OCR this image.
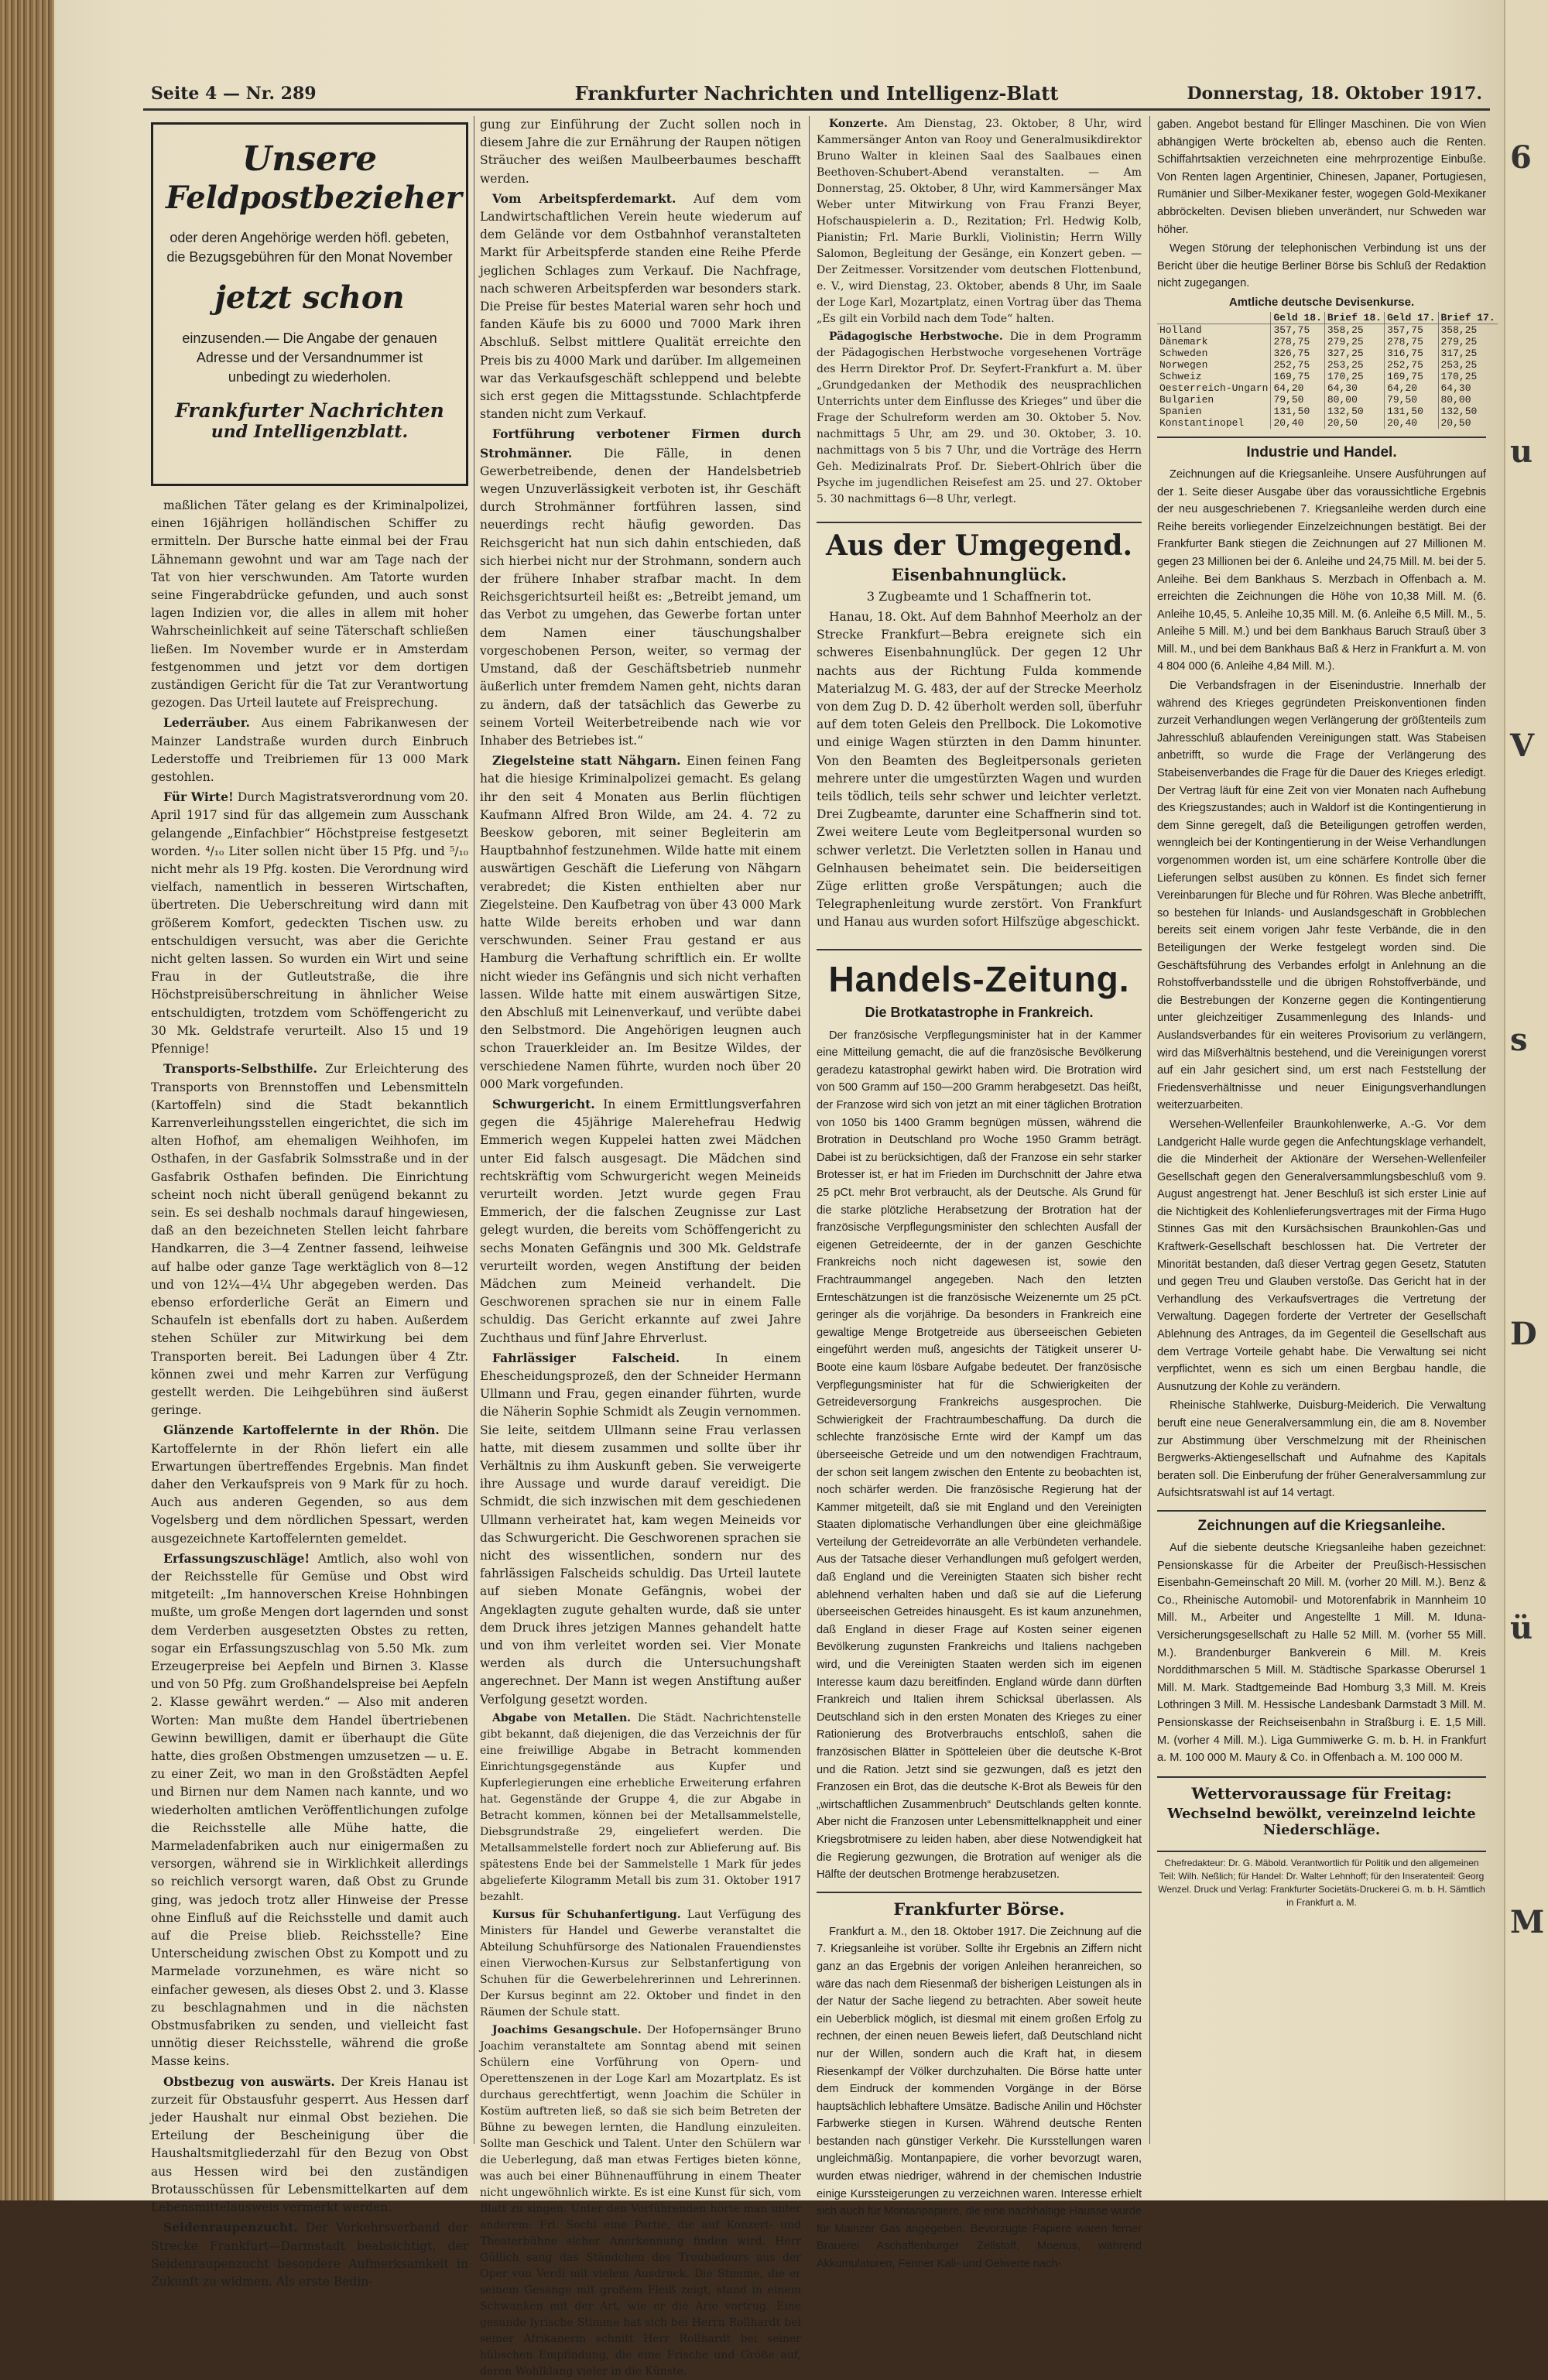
Seite 4 — Nr. 289	Frankfurter Nachrichten und Intelligenz-Blatt	Donnerstag, 18. Oktober 1917.
Unsere
Feldpostbezieher
oder deren Angehörige werden höfl. gebeten, die Bezugsgebühren für den Monat November
jetzt schon
einzusenden.— Die Angabe der genauen Adresse und der Versandnummer ist unbedingt zu wiederholen.
Frankfurter Nachrichten
und Intelligenzblatt.

maßlichen Täter gelang es der Kriminalpolizei, einen 16jährigen holländischen Schiffer zu ermitteln. Der Bursche hatte einmal bei der Frau Lähnemann gewohnt und war am Tage nach der Tat von hier verschwunden. Am Tatorte wurden seine Fingerabdrücke gefunden, und auch sonst lagen Indizien vor, die alles in allem mit hoher Wahrscheinlichkeit auf seine Täterschaft schließen ließen. Im November wurde er in Amsterdam festgenommen und jetzt vor dem dortigen zuständigen Gericht für die Tat zur Verantwortung gezogen. Das Urteil lautete auf Freisprechung.

Lederräuber. Aus einem Fabrikanwesen der Mainzer Landstraße wurden durch Einbruch Lederstoffe und Treibriemen für 13 000 Mark gestohlen.

Für Wirte! Durch Magistratsverordnung vom 20. April 1917 sind für das allgemein zum Ausschank gelangende „Einfachbier“ Höchstpreise festgesetzt worden. ⁴/₁₀ Liter sollen nicht über 15 Pfg. und ⁵/₁₀ nicht mehr als 19 Pfg. kosten. Die Verordnung wird vielfach, namentlich in besseren Wirtschaften, übertreten. Die Ueberschreitung wird dann mit größerem Komfort, gedeckten Tischen usw. zu entschuldigen versucht, was aber die Gerichte nicht gelten lassen. So wurden ein Wirt und seine Frau in der Gutleutstraße, die ihre Höchstpreisüberschreitung in ähnlicher Weise entschuldigten, trotzdem vom Schöffengericht zu 30 Mk. Geldstrafe verurteilt. Also 15 und 19 Pfennige!

Transports-Selbsthilfe. Zur Erleichterung des Transports von Brennstoffen und Lebensmitteln (Kartoffeln) sind die Stadt bekanntlich Karrenverleihungsstellen eingerichtet, die sich im alten Hofhof, am ehemaligen Weihhofen, im Osthafen, in der Gasfabrik Solmsstraße und in der Gasfabrik Osthafen befinden. Die Einrichtung scheint noch nicht überall genügend bekannt zu sein. Es sei deshalb nochmals darauf hingewiesen, daß an den bezeichneten Stellen leicht fahrbare Handkarren, die 3—4 Zentner fassend, leihweise auf halbe oder ganze Tage werktäglich von 8—12 und von 12¼—4¼ Uhr abgegeben werden. Das ebenso erforderliche Gerät an Eimern und Schaufeln ist ebenfalls dort zu haben. Außerdem stehen Schüler zur Mitwirkung bei dem Transporten bereit. Bei Ladungen über 4 Ztr. können zwei und mehr Karren zur Verfügung gestellt werden. Die Leihgebühren sind äußerst geringe.

Glänzende Kartoffelernte in der Rhön. Die Kartoffelernte in der Rhön liefert ein alle Erwartungen übertreffendes Ergebnis. Man findet daher den Verkaufspreis von 9 Mark für zu hoch. Auch aus anderen Gegenden, so aus dem Vogelsberg und dem nördlichen Spessart, werden ausgezeichnete Kartoffelernten gemeldet.

Erfassungszuschläge! Amtlich, also wohl von der Reichsstelle für Gemüse und Obst wird mitgeteilt: „Im hannoverschen Kreise Hohnbingen mußte, um große Mengen dort lagernden und sonst dem Verderben ausgesetzten Obstes zu retten, sogar ein Erfassungszuschlag von 5.50 Mk. zum Erzeugerpreise bei Aepfeln und Birnen 3. Klasse und von 50 Pfg. zum Großhandelspreise bei Aepfeln 2. Klasse gewährt werden.“ — Also mit anderen Worten: Man mußte dem Handel übertriebenen Gewinn bewilligen, damit er überhaupt die Güte hatte, dies großen Obstmengen umzusetzen — u. E. zu einer Zeit, wo man in den Großstädten Aepfel und Birnen nur dem Namen nach kannte, und wo wiederholten amtlichen Veröffentlichungen zufolge die Reichsstelle alle Mühe hatte, die Marmeladenfabriken auch nur einigermaßen zu versorgen, während sie in Wirklichkeit allerdings so reichlich versorgt waren, daß Obst zu Grunde ging, was jedoch trotz aller Hinweise der Presse ohne Einfluß auf die Reichsstelle und damit auch auf die Preise blieb. Reichsstelle? Eine Unterscheidung zwischen Obst zu Kompott und zu Marmelade vorzunehmen, es wäre nicht so einfacher gewesen, als dieses Obst 2. und 3. Klasse zu beschlagnahmen und in die nächsten Obstmusfabriken zu senden, und vielleicht fast unnötig dieser Reichsstelle, während die große Masse keins.

Obstbezug von auswärts. Der Kreis Hanau ist zurzeit für Obstausfuhr gesperrt. Aus Hessen darf jeder Haushalt nur einmal Obst beziehen. Die Erteilung der Bescheinigung über die Haushaltsmitgliederzahl für den Bezug von Obst aus Hessen wird bei den zuständigen Brotausschüssen für Lebensmittelkarten auf dem Lebensmittelausweis vermerkt werden.

Seidenraupenzucht. Der Verkehrsverband der Strecke Frankfurt—Darmstadt beabsichtigt, der Seidenraupenzucht besondere Aufmerksamkeit in Zukunft zu widmen. Als erste Bedin-

gung zur Einführung der Zucht sollen noch in diesem Jahre die zur Ernährung der Raupen nötigen Sträucher des weißen Maulbeerbaumes beschafft werden.

Vom Arbeitspferdemarkt. Auf dem vom Landwirtschaftlichen Verein heute wiederum auf dem Gelände vor dem Ostbahnhof veranstalteten Markt für Arbeitspferde standen eine Reihe Pferde jeglichen Schlages zum Verkauf. Die Nachfrage, nach schweren Arbeitspferden war besonders stark. Die Preise für bestes Material waren sehr hoch und fanden Käufe bis zu 6000 und 7000 Mark ihren Abschluß. Selbst mittlere Qualität erreichte den Preis bis zu 4000 Mark und darüber. Im allgemeinen war das Verkaufsgeschäft schleppend und belebte sich erst gegen die Mittagsstunde. Schlachtpferde standen nicht zum Verkauf.

Fortführung verbotener Firmen durch Strohmänner. Die Fälle, in denen Gewerbetreibende, denen der Handelsbetrieb wegen Unzuverlässigkeit verboten ist, ihr Geschäft durch Strohmänner fortführen lassen, sind neuerdings recht häufig geworden. Das Reichsgericht hat nun sich dahin entschieden, daß sich hierbei nicht nur der Strohmann, sondern auch der frühere Inhaber strafbar macht. In dem Reichsgerichtsurteil heißt es: „Betreibt jemand, um das Verbot zu umgehen, das Gewerbe fortan unter dem Namen einer täuschungshalber vorgeschobenen Person, weiter, so vermag der Umstand, daß der Geschäftsbetrieb nunmehr äußerlich unter fremdem Namen geht, nichts daran zu ändern, daß der tatsächlich das Gewerbe zu seinem Vorteil Weiterbetreibende nach wie vor Inhaber des Betriebes ist.“

Ziegelsteine statt Nähgarn. Einen feinen Fang hat die hiesige Kriminalpolizei gemacht. Es gelang ihr den seit 4 Monaten aus Berlin flüchtigen Kaufmann Alfred Bron Wilde, am 24. 4. 72 zu Beeskow geboren, mit seiner Begleiterin am Hauptbahnhof festzunehmen. Wilde hatte mit einem auswärtigen Geschäft die Lieferung von Nähgarn verabredet; die Kisten enthielten aber nur Ziegelsteine. Den Kaufbetrag von über 43 000 Mark hatte Wilde bereits erhoben und war dann verschwunden. Seiner Frau gestand er aus Hamburg die Verhaftung schriftlich ein. Er wollte nicht wieder ins Gefängnis und sich nicht verhaften lassen. Wilde hatte mit einem auswärtigen Sitze, den Abschluß mit Leinenverkauf, und verübte dabei den Selbstmord. Die Angehörigen leugnen auch schon Trauerkleider an. Im Besitze Wildes, der verschiedene Namen führte, wurden noch über 20 000 Mark vorgefunden.

Schwurgericht. In einem Ermittlungsverfahren gegen die 45jährige Malerehefrau Hedwig Emmerich wegen Kuppelei hatten zwei Mädchen unter Eid falsch ausgesagt. Die Mädchen sind rechtskräftig vom Schwurgericht wegen Meineids verurteilt worden. Jetzt wurde gegen Frau Emmerich, der die falschen Zeugnisse zur Last gelegt wurden, die bereits vom Schöffengericht zu sechs Monaten Gefängnis und 300 Mk. Geldstrafe verurteilt worden, wegen Anstiftung der beiden Mädchen zum Meineid verhandelt. Die Geschworenen sprachen sie nur in einem Falle schuldig. Das Gericht erkannte auf zwei Jahre Zuchthaus und fünf Jahre Ehrverlust.

Fahrlässiger Falscheid. In einem Ehescheidungsprozeß, den der Schneider Hermann Ullmann und Frau, gegen einander führten, wurde die Näherin Sophie Schmidt als Zeugin vernommen. Sie leite, seitdem Ullmann seine Frau verlassen hatte, mit diesem zusammen und sollte über ihr Verhältnis zu ihm Auskunft geben. Sie verweigerte ihre Aussage und wurde darauf vereidigt. Die Schmidt, die sich inzwischen mit dem geschiedenen Ullmann verheiratet hat, kam wegen Meineids vor das Schwurgericht. Die Geschworenen sprachen sie nicht des wissentlichen, sondern nur des fahrlässigen Falscheids schuldig. Das Urteil lautete auf sieben Monate Gefängnis, wobei der Angeklagten zugute gehalten wurde, daß sie unter dem Druck ihres jetzigen Mannes gehandelt hatte und von ihm verleitet worden sei. Vier Monate werden als durch die Untersuchungshaft angerechnet. Der Mann ist wegen Anstiftung außer Verfolgung gesetzt worden.

Abgabe von Metallen. Die Städt. Nachrichtenstelle gibt bekannt, daß diejenigen, die das Verzeichnis der für eine freiwillige Abgabe in Betracht kommenden Einrichtungsgegenstände aus Kupfer und Kupferlegierungen eine erhebliche Erweiterung erfahren hat. Gegenstände der Gruppe 4, die zur Abgabe in Betracht kommen, können bei der Metallsammelstelle, Diebsgrundstraße 29, eingeliefert werden. Die Metallsammelstelle fordert noch zur Ablieferung auf. Bis spätestens Ende bei der Sammelstelle 1 Mark für jedes abgelieferte Kilogramm Metall bis zum 31. Oktober 1917 bezahlt.

Kursus für Schuhanfertigung. Laut Verfügung des Ministers für Handel und Gewerbe veranstaltet die Abteilung Schuhfürsorge des Nationalen Frauendienstes einen Vierwochen-Kursus zur Selbstanfertigung von Schuhen für die Gewerbelehrerinnen und Lehrerinnen. Der Kursus beginnt am 22. Oktober und findet in den Räumen der Schule statt.

Joachims Gesangschule. Der Hofopernsänger Bruno Joachim veranstaltete am Sonntag abend mit seinen Schülern eine Vorführung von Opern- und Operettenszenen in der Loge Karl am Mozartplatz. Es ist durchaus gerechtfertigt, wenn Joachim die Schüler in Kostüm auftreten ließ, so daß sie sich beim Betreten der Bühne zu bewegen lernten, die Handlung einzuleiten. Sollte man Geschick und Talent. Unter den Schülern war die Ueberlegung, daß man etwas Fertiges bieten könne, was auch bei einer Bühnenaufführung in einem Theater nicht ungewöhnlich wirkte. Es ist eine Kunst für sich, vom Blatt zu singen. Unter den Vorführenden hörte man unter anderem: Frl. Sochi eine Partie, die auf Konzert- und Theaterbühne sicher Anerkennung finden wird. Herr Güllich sang das Ständchen des Troubadours aus der Oper von Verdi mit vielem Ausdruck. Die Stimme, die er seinem Gesange mit großem Fleiß zeigt, stand in einem Schwanken mit der Art, wie er die Arie vortrug. Eine gesunde lyrische Stimme hat sich bei Herrn Rollhardt bei seiner Afrikanerin schnitt Herr Rollhardt bei seiner hübschen Empfindung, die eine Frische und Größe auf, deren Wohlklang vieler in die Künste.

Konzerte. Am Dienstag, 23. Oktober, 8 Uhr, wird Kammersänger Anton van Rooy und Generalmusikdirektor Bruno Walter in kleinen Saal des Saalbaues einen Beethoven-Schubert-Abend veranstalten. — Am Donnerstag, 25. Oktober, 8 Uhr, wird Kammersänger Max Weber unter Mitwirkung von Frau Franzi Beyer, Hofschauspielerin a. D., Rezitation; Frl. Hedwig Kolb, Pianistin; Frl. Marie Burkli, Violinistin; Herrn Willy Salomon, Begleitung der Gesänge, ein Konzert geben. — Der Zeitmesser. Vorsitzender vom deutschen Flottenbund, e. V., wird Dienstag, 23. Oktober, abends 8 Uhr, im Saale der Loge Karl, Mozartplatz, einen Vortrag über das Thema „Es gilt ein Vorbild nach dem Tode“ halten.

Pädagogische Herbstwoche. Die in dem Programm der Pädagogischen Herbstwoche vorgesehenen Vorträge des Herrn Direktor Prof. Dr. Seyfert-Frankfurt a. M. über „Grundgedanken der Methodik des neusprachlichen Unterrichts unter dem Einflusse des Krieges“ und über die Frage der Schulreform werden am 30. Oktober 5. Nov. nachmittags 5 Uhr, am 29. und 30. Oktober, 3. 10. nachmittags von 5 bis 7 Uhr, und die Vorträge des Herrn Geh. Medizinalrats Prof. Dr. Siebert-Ohlrich über die Psyche im jugendlichen Reisefest am 25. und 27. Oktober 5. 30 nachmittags 6—8 Uhr, verlegt.

Aus der Umgegend.
Eisenbahnunglück.
3 Zugbeamte und 1 Schaffnerin tot.

Hanau, 18. Okt. Auf dem Bahnhof Meerholz an der Strecke Frankfurt—Bebra ereignete sich ein schweres Eisenbahnunglück. Der gegen 12 Uhr nachts aus der Richtung Fulda kommende Materialzug M. G. 483, der auf der Strecke Meerholz von dem Zug D. D. 42 überholt werden soll, überfuhr auf dem toten Geleis den Prellbock. Die Lokomotive und einige Wagen stürzten in den Damm hinunter. Von den Beamten des Begleitpersonals gerieten mehrere unter die umgestürzten Wagen und wurden teils tödlich, teils sehr schwer und leichter verletzt. Drei Zugbeamte, darunter eine Schaffnerin sind tot. Zwei weitere Leute vom Begleitpersonal wurden so schwer verletzt. Die Verletzten sollen in Hanau und Gelnhausen beheimatet sein. Die beiderseitigen Züge erlitten große Verspätungen; auch die Telegraphenleitung wurde zerstört. Von Frankfurt und Hanau aus wurden sofort Hilfszüge abgeschickt.

Handels-Zeitung.
Die Brotkatastrophe in Frankreich.

Der französische Verpflegungsminister hat in der Kammer eine Mitteilung gemacht, die auf die französische Bevölkerung geradezu katastrophal gewirkt haben wird. Die Brotration wird von 500 Gramm auf 150—200 Gramm herabgesetzt. Das heißt, der Franzose wird sich von jetzt an mit einer täglichen Brotration von 1050 bis 1400 Gramm begnügen müssen, während die Brotration in Deutschland pro Woche 1950 Gramm beträgt. Dabei ist zu berücksichtigen, daß der Franzose ein sehr starker Brotesser ist, er hat im Frieden im Durchschnitt der Jahre etwa 25 pCt. mehr Brot verbraucht, als der Deutsche. Als Grund für die starke plötzliche Herabsetzung der Brotration hat der französische Verpflegungsminister den schlechten Ausfall der eigenen Getreideernte, der in der ganzen Geschichte Frankreichs noch nicht dagewesen ist, sowie den Frachtraummangel angegeben. Nach den letzten Ernteschätzungen ist die französische Weizenernte um 25 pCt. geringer als die vorjährige. Da besonders in Frankreich eine gewaltige Menge Brotgetreide aus überseeischen Gebieten eingeführt werden muß, angesichts der Tätigkeit unserer U-Boote eine kaum lösbare Aufgabe bedeutet. Der französische Verpflegungsminister hat für die Schwierigkeiten der Getreideversorgung Frankreichs ausgesprochen. Die Schwierigkeit der Frachtraumbeschaffung. Da durch die schlechte französische Ernte wird der Kampf um das überseeische Getreide und um den notwendigen Frachtraum, der schon seit langem zwischen den Entente zu beobachten ist, noch schärfer werden. Die französische Regierung hat der Kammer mitgeteilt, daß sie mit England und den Vereinigten Staaten diplomatische Verhandlungen über eine gleichmäßige Verteilung der Getreidevorräte an alle Verbündeten verhandele. Aus der Tatsache dieser Verhandlungen muß gefolgert werden, daß England und die Vereinigten Staaten sich bisher recht ablehnend verhalten haben und daß sie auf die Lieferung überseeischen Getreides hinausgeht. Es ist kaum anzunehmen, daß England in dieser Frage auf Kosten seiner eigenen Bevölkerung zugunsten Frankreichs und Italiens nachgeben wird, und die Vereinigten Staaten werden sich im eigenen Interesse kaum dazu bereitfinden. England würde dann dürften Frankreich und Italien ihrem Schicksal überlassen. Als Deutschland sich in den ersten Monaten des Krieges zu einer Rationierung des Brotverbrauchs entschloß, sahen die französischen Blätter in Spötteleien über die deutsche K-Brot und die Ration. Jetzt sind sie gezwungen, daß es jetzt den Franzosen ein Brot, das die deutsche K-Brot als Beweis für den „wirtschaftlichen Zusammenbruch“ Deutschlands gelten konnte. Aber nicht die Franzosen unter Lebensmittelknappheit und einer Kriegsbrotmisere zu leiden haben, aber diese Notwendigkeit hat die Regierung gezwungen, die Brotration auf weniger als die Hälfte der deutschen Brotmenge herabzusetzen.

Frankfurter Börse.

Frankfurt a. M., den 18. Oktober 1917. Die Zeichnung auf die 7. Kriegsanleihe ist vorüber. Sollte ihr Ergebnis an Ziffern nicht ganz an das Ergebnis der vorigen Anleihen heranreichen, so wäre das nach dem Riesenmaß der bisherigen Leistungen als in der Natur der Sache liegend zu betrachten. Aber soweit heute ein Ueberblick möglich, ist diesmal mit einem großen Erfolg zu rechnen, der einen neuen Beweis liefert, daß Deutschland nicht nur der Willen, sondern auch die Kraft hat, in diesem Riesenkampf der Völker durchzuhalten. Die Börse hatte unter dem Eindruck der kommenden Vorgänge in der Börse hauptsächlich lebhaftere Umsätze. Badische Anilin und Höchster Farbwerke stiegen in Kursen. Während deutsche Renten bestanden nach günstiger Verkehr. Die Kursstellungen waren ungleichmäßig. Montanpapiere, die vorher bevorzugt waren, wurden etwas niedriger, während in der chemischen Industrie einige Kurssteigerungen zu verzeichnen waren. Interesse erhielt sich auch für Montanpapiere, die eine nachhaltige Hausse wurde für Mainzer Gas angegeben. Bevorzugte Papiere waren ferner Brauerei Aschaffenburger Zellstoff, Moenus, während Akkumulatoren, Fenner Kali- und Oelwerte nach-

gaben. Angebot bestand für Ellinger Maschinen. Die von Wien abhängigen Werte bröckelten ab, ebenso auch die Renten. Schiffahrtsaktien verzeichneten eine mehrprozentige Einbuße. Von Renten lagen Argentinier, Chinesen, Japaner, Portugiesen, Rumänier und Silber-Mexikaner fester, wogegen Gold-Mexikaner abbröckelten. Devisen blieben unverändert, nur Schweden war höher.

Wegen Störung der telephonischen Verbindung ist uns der Bericht über die heutige Berliner Börse bis Schluß der Redaktion nicht zugegangen.

Amtliche deutsche Devisenkurse.
	Geld 18.	Brief 18.	Geld 17.	Brief 17.
Holland	357,75	358,25	357,75	358,25
Dänemark	278,75	279,25	278,75	279,25
Schweden	326,75	327,25	316,75	317,25
Norwegen	252,75	253,25	252,75	253,25
Schweiz	169,75	170,25	169,75	170,25
Oesterreich-Ungarn	64,20	64,30	64,20	64,30
Bulgarien	79,50	80,00	79,50	80,00
Spanien	131,50	132,50	131,50	132,50
Konstantinopel	20,40	20,50	20,40	20,50
Industrie und Handel.

Zeichnungen auf die Kriegsanleihe. Unsere Ausführungen auf der 1. Seite dieser Ausgabe über das voraussichtliche Ergebnis der neu ausgeschriebenen 7. Kriegsanleihe werden durch eine Reihe bereits vorliegender Einzelzeichnungen bestätigt. Bei der Frankfurter Bank stiegen die Zeichnungen auf 27 Millionen M. gegen 23 Millionen bei der 6. Anleihe und 24,75 Mill. M. bei der 5. Anleihe. Bei dem Bankhaus S. Merzbach in Offenbach a. M. erreichten die Zeichnungen die Höhe von 10,38 Mill. M. (6. Anleihe 10,45, 5. Anleihe 10,35 Mill. M. (6. Anleihe 6,5 Mill. M., 5. Anleihe 5 Mill. M.) und bei dem Bankhaus Baruch Strauß über 3 Mill. M., und bei dem Bankhaus Baß & Herz in Frankfurt a. M. von 4 804 000 (6. Anleihe 4,84 Mill. M.).

Die Verbandsfragen in der Eisenindustrie. Innerhalb der während des Krieges gegründeten Preiskonventionen finden zurzeit Verhandlungen wegen Verlängerung der größtenteils zum Jahresschluß ablaufenden Vereinigungen statt. Was Stabeisen anbetrifft, so wurde die Frage der Verlängerung des Stabeisenverbandes die Frage für die Dauer des Krieges erledigt. Der Vertrag läuft für eine Zeit von vier Monaten nach Aufhebung des Kriegszustandes; auch in Waldorf ist die Kontingentierung in dem Sinne geregelt, daß die Beteiligungen getroffen werden, wenngleich bei der Kontingentierung in der Weise Verhandlungen vorgenommen worden ist, um eine schärfere Kontrolle über die Lieferungen selbst ausüben zu können. Es findet sich ferner Vereinbarungen für Bleche und für Röhren. Was Bleche anbetrifft, so bestehen für Inlands- und Auslandsgeschäft in Grobblechen bereits seit einem vorigen Jahr feste Verbände, die in den Beteiligungen der Werke festgelegt worden sind. Die Geschäftsführung des Verbandes erfolgt in Anlehnung an die Rohstoffverbandsstelle und die übrigen Rohstoffverbände, und die Bestrebungen der Konzerne gegen die Kontingentierung unter gleichzeitiger Zusammenlegung des Inlands- und Auslandsverbandes für ein weiteres Provisorium zu verlängern, wird das Mißverhältnis bestehend, und die Vereinigungen vorerst auf ein Jahr gesichert sind, um erst nach Feststellung der Friedensverhältnisse und neuer Einigungsverhandlungen weiterzuarbeiten.

Wersehen-Wellenfeiler Braunkohlenwerke, A.-G. Vor dem Landgericht Halle wurde gegen die Anfechtungsklage verhandelt, die die Minderheit der Aktionäre der Wersehen-Wellenfeiler Gesellschaft gegen den Generalversammlungsbeschluß vom 9. August angestrengt hat. Jener Beschluß ist sich erster Linie auf die Nichtigkeit des Kohlenlieferungsvertrages mit der Firma Hugo Stinnes Gas mit den Kursächsischen Braunkohlen-Gas und Kraftwerk-Gesellschaft beschlossen hat. Die Vertreter der Minorität bestanden, daß dieser Vertrag gegen Gesetz, Statuten und gegen Treu und Glauben verstoße. Das Gericht hat in der Verhandlung des Verkaufsvertrages die Vertretung der Verwaltung. Dagegen forderte der Vertreter der Gesellschaft Ablehnung des Antrages, da im Gegenteil die Gesellschaft aus dem Vertrage Vorteile gehabt habe. Die Verwaltung sei nicht verpflichtet, wenn es sich um einen Bergbau handle, die Ausnutzung der Kohle zu verändern.

Rheinische Stahlwerke, Duisburg-Meiderich. Die Verwaltung beruft eine neue Generalversammlung ein, die am 8. November zur Abstimmung über Verschmelzung mit der Rheinischen Bergwerks-Aktiengesellschaft und Aufnahme des Kapitals beraten soll. Die Einberufung der früher Generalversammlung zur Aufsichtsratswahl ist auf 14 vertagt.

Zeichnungen auf die Kriegsanleihe.

Auf die siebente deutsche Kriegsanleihe haben gezeichnet: Pensionskasse für die Arbeiter der Preußisch-Hessischen Eisenbahn-Gemeinschaft 20 Mill. M. (vorher 20 Mill. M.). Benz & Co., Rheinische Automobil- und Motorenfabrik in Mannheim 10 Mill. M., Arbeiter und Angestellte 1 Mill. M. Iduna-Versicherungsgesellschaft zu Halle 52 Mill. M. (vorher 55 Mill. M.). Brandenburger Bankverein 6 Mill. M. Kreis Norddithmarschen 5 Mill. M. Städtische Sparkasse Oberursel 1 Mill. M. Mark. Stadtgemeinde Bad Homburg 3,3 Mill. M. Kreis Lothringen 3 Mill. M. Hessische Landesbank Darmstadt 3 Mill. M. Pensionskasse der Reichseisenbahn in Straßburg i. E. 1,5 Mill. M. (vorher 4 Mill. M.). Liga Gummiwerke G. m. b. H. in Frankfurt a. M. 100 000 M. Maury & Co. in Offenbach a. M. 100 000 M.

Wettervoraussage für Freitag:
Wechselnd bewölkt, vereinzelnd leichte Niederschläge.
Chefredakteur: Dr. G. Mäbold. Verantwortlich für Politik und den allgemeinen Teil: Wilh. Neßlich; für Handel: Dr. Walter Lehnhoff; für den Inseratenteil: Georg Wenzel. Druck und Verlag: Frankfurter Societäts-Druckerei G. m. b. H. Sämtlich in Frankfurt a. M.
6
u
V
s
D
ü
M
